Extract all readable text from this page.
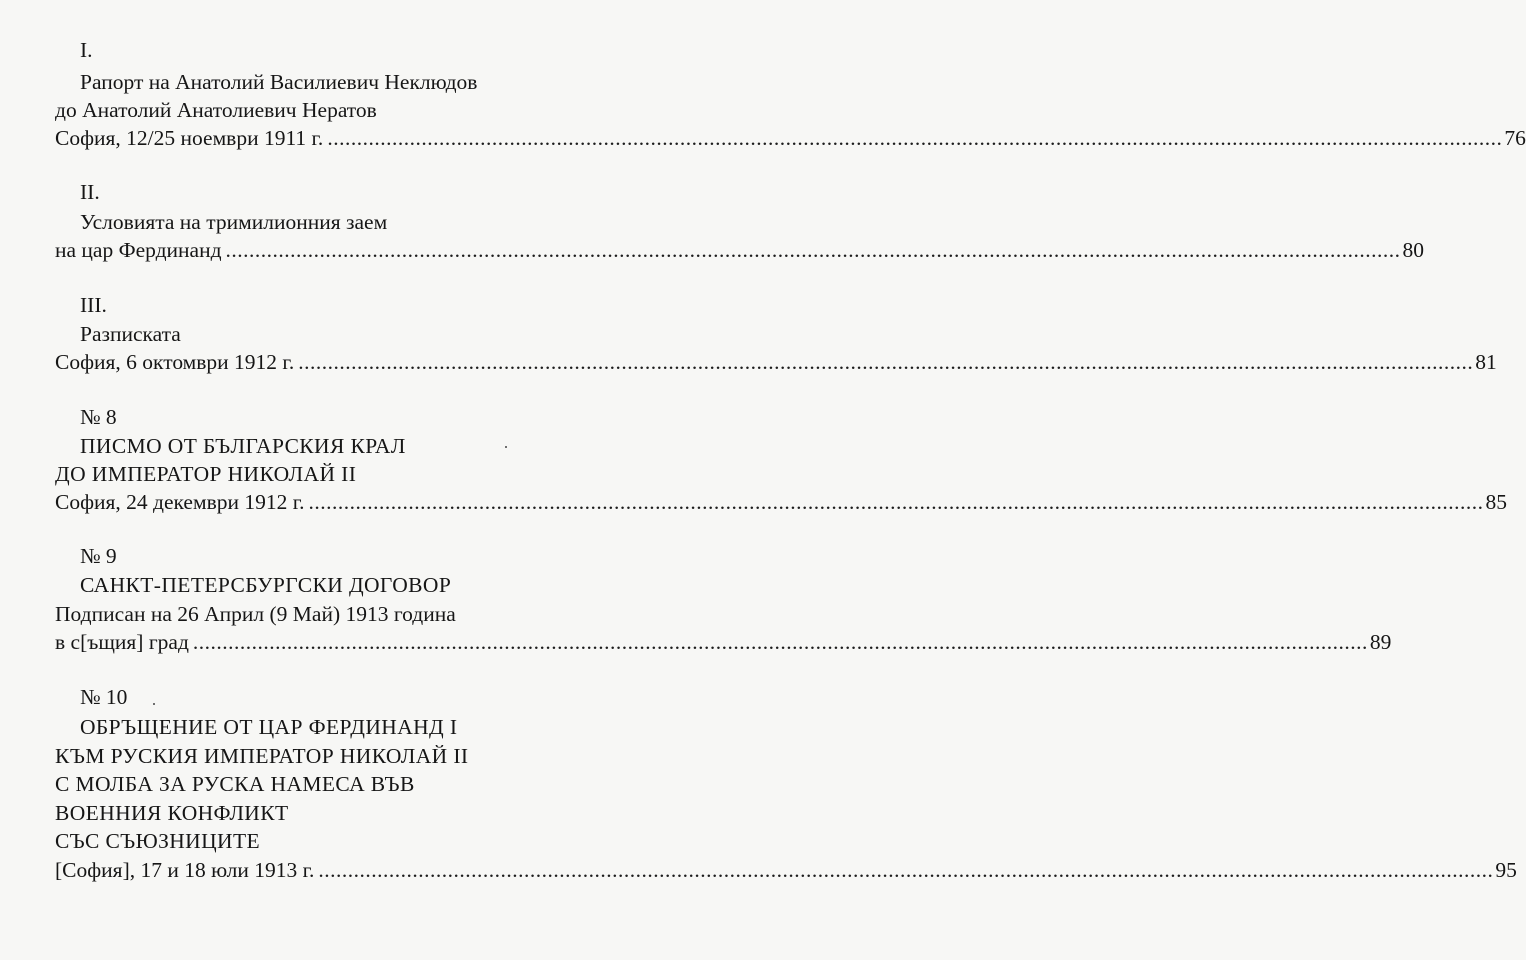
I.
Рапорт на Анатолий Василиевич Неклюдов
до Анатолий Анатолиевич Нератов
София, 12/25 ноември 1911 г. ........................................................................................................................................................................................................ 76
II.
Условията на тримилионния заем
на цар Фердинанд ........................................................................................................................................................................................................ 80
III.
Разписката
София, 6 октомври 1912 г. ........................................................................................................................................................................................................ 81
№ 8
ПИСМО ОТ БЪЛГАРСКИЯ КРАЛ
ДО ИМПЕРАТОР НИКОЛАЙ II
София, 24 декември 1912 г. ........................................................................................................................................................................................................ 85
№ 9
САНКТ-ПЕТЕРСБУРГСКИ ДОГОВОР
Подписан на 26 Април (9 Май) 1913 година
в с[ъщия] град ........................................................................................................................................................................................................ 89
№ 10
ОБРЪЩЕНИЕ ОТ ЦАР ФЕРДИНАНД I
КЪМ РУСКИЯ ИМПЕРАТОР НИКОЛАЙ II
С МОЛБА ЗА РУСКА НАМЕСА ВЪВ
ВОЕННИЯ КОНФЛИКТ
СЪС СЪЮЗНИЦИТЕ
[София], 17 и 18 юли 1913 г. ........................................................................................................................................................................................................ 95
